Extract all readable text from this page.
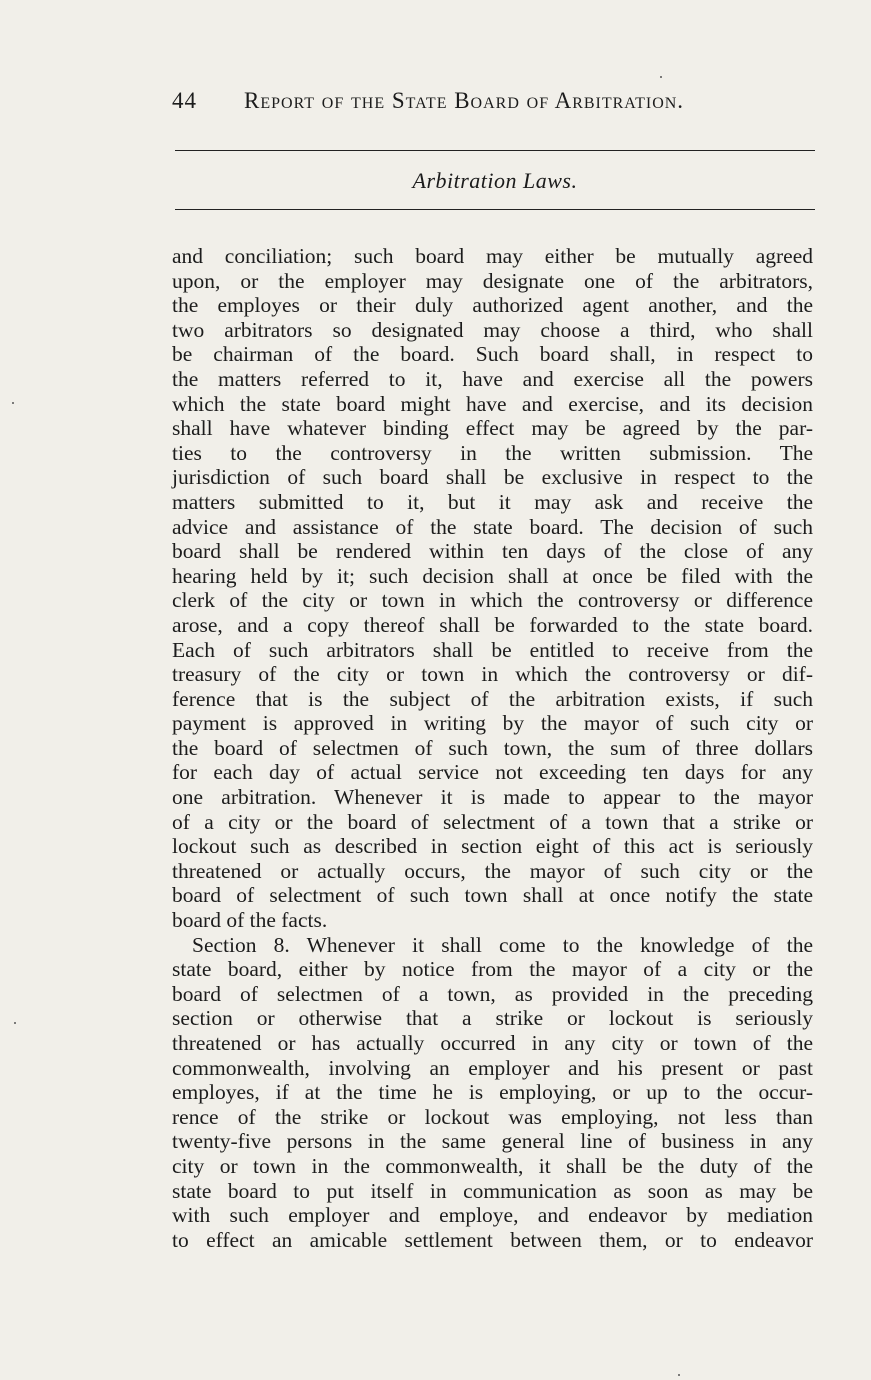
44 Report of the State Board of Arbitration.
Arbitration Laws.
and conciliation; such board may either be mutually agreed
upon, or the employer may designate one of the arbitrators,
the employes or their duly authorized agent another, and the
two arbitrators so designated may choose a third, who shall
be chairman of the board. Such board shall, in respect to
the matters referred to it, have and exercise all the powers
which the state board might have and exercise, and its decision
shall have whatever binding effect may be agreed by the par-
ties to the controversy in the written submission. The
jurisdiction of such board shall be exclusive in respect to the
matters submitted to it, but it may ask and receive the
advice and assistance of the state board. The decision of such
board shall be rendered within ten days of the close of any
hearing held by it; such decision shall at once be filed with the
clerk of the city or town in which the controversy or difference
arose, and a copy thereof shall be forwarded to the state board.
Each of such arbitrators shall be entitled to receive from the
treasury of the city or town in which the controversy or dif-
ference that is the subject of the arbitration exists, if such
payment is approved in writing by the mayor of such city or
the board of selectmen of such town, the sum of three dollars
for each day of actual service not exceeding ten days for any
one arbitration. Whenever it is made to appear to the mayor
of a city or the board of selectment of a town that a strike or
lockout such as described in section eight of this act is seriously
threatened or actually occurs, the mayor of such city or the
board of selectment of such town shall at once notify the state
board of the facts.
Section 8. Whenever it shall come to the knowledge of the
state board, either by notice from the mayor of a city or the
board of selectmen of a town, as provided in the preceding
section or otherwise that a strike or lockout is seriously
threatened or has actually occurred in any city or town of the
commonwealth, involving an employer and his present or past
employes, if at the time he is employing, or up to the occur-
rence of the strike or lockout was employing, not less than
twenty-five persons in the same general line of business in any
city or town in the commonwealth, it shall be the duty of the
state board to put itself in communication as soon as may be
with such employer and employe, and endeavor by mediation
to effect an amicable settlement between them, or to endeavor
